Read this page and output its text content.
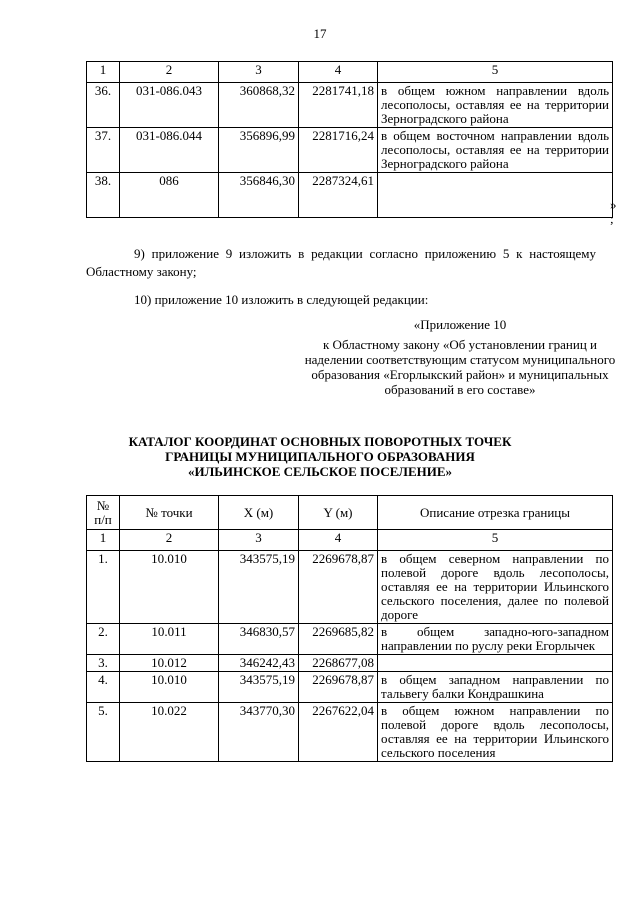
17
1	2	3	4	5
36.	031-086.043	360868,32	2281741,18	в общем южном направлении вдоль лесополосы, оставляя ее на территории Зерноградского района
37.	031-086.044	356896,99	2281716,24	в общем восточном направлении вдоль лесополосы, оставляя ее на территории Зерноградского района
38.	086	356846,30	2287324,61	
»
;
9) приложение 9 изложить в редакции согласно приложению 5 к настоящему Областному закону;
10) приложение 10 изложить в следующей редакции:
«Приложение 10
к Областному закону «Об установлении границ и наделении соответствующим статусом муниципального образования «Егорлыкский район» и муниципальных образований в его составе»
КАТАЛОГ КООРДИНАТ ОСНОВНЫХ ПОВОРОТНЫХ ТОЧЕК
ГРАНИЦЫ МУНИЦИПАЛЬНОГО ОБРАЗОВАНИЯ
«ИЛЬИНСКОЕ СЕЛЬСКОЕ ПОСЕЛЕНИЕ»
№
п/п	№ точки	X (м)	Y (м)	Описание отрезка границы
1	2	3	4	5
1.	10.010	343575,19	2269678,87	в общем северном направлении по полевой дороге вдоль лесополосы, оставляя ее на территории Ильинского сельского поселения, далее по полевой дороге
2.	10.011	346830,57	2269685,82	в общем западно-юго-западном направлении по руслу реки Егорлычек
3.	10.012	346242,43	2268677,08	
4.	10.010	343575,19	2269678,87	в общем западном направлении по тальвегу балки Кондрашкина
5.	10.022	343770,30	2267622,04	в общем южном направлении по полевой дороге вдоль лесополосы, оставляя ее на территории Ильинского сельского поселения
